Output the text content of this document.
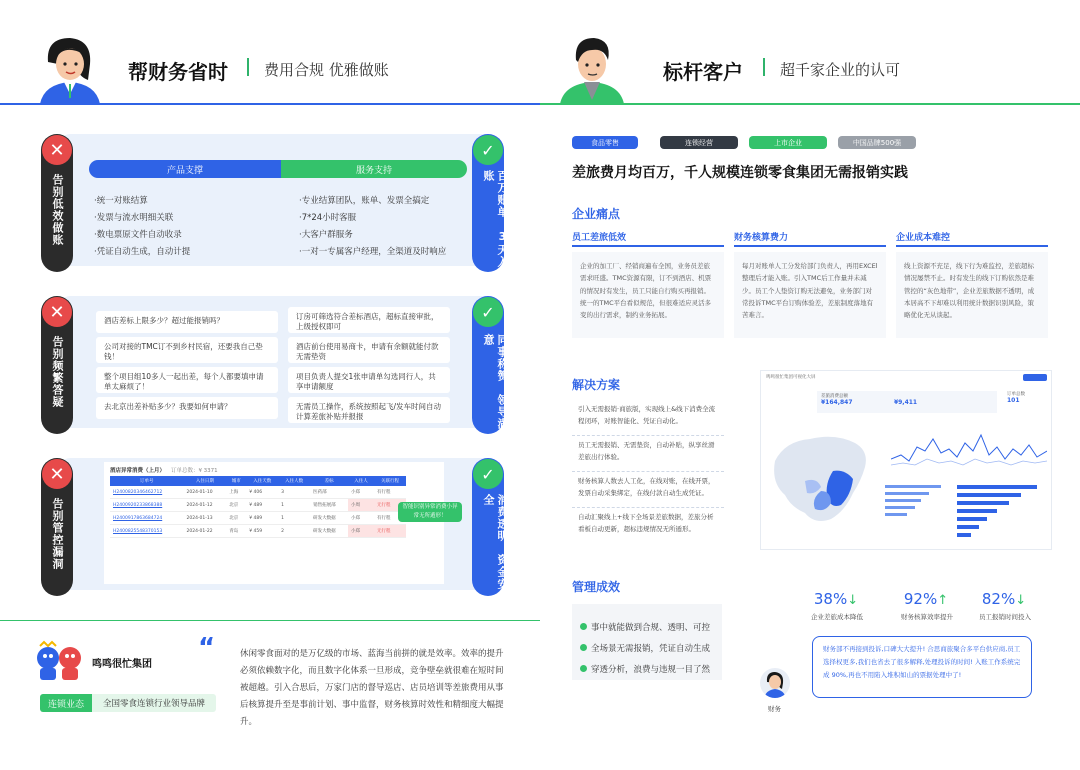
帮财务省时 费用合规 优雅做账	标杆客户 超千家企业的认可
✕
告别低效做账
✓
百万账单，3天入账
产品支撑	服务支持
·统一对账结算
·发票与流水明细关联
·数电票原文件自动收录
·凭证自动生成，自动计提
·专业结算团队，账单、发票全搞定
·7*24小时客服
·大客户群服务
·一对一专属客户经理，全渠道及时响应
✕
告别频繁答疑
✓
同事称赞，领导满意
酒店差标上限多少？超过能报销吗？
公司对接的TMC订不到乡村民宿，还要我自己垫钱！
整个项目组10多人一起出差，每个人都要填申请单太麻烦了！
去北京出差补贴多少？我要如何申请？
订房可筛选符合差标酒店，超标直接审批，上级授权即可
酒店前台使用易商卡，申请有余额就能付款无需垫资
项目负责人提交1张申请单勾选同行人，共享申请额度
无需员工操作，系统按照起飞/发车时间自动计算差旅补贴并报报
✕
告别管控漏洞
✓
消费透明，资金安全
酒店异常消费（上月） 订单总数：¥ 3371
订单号	入住日期	城市	入住天数	入住人数	差标	入住人	关联行程
H2400820346462712	2024-01-10	上海	¥ 406	3	医药部	小郑	有行程
H2400920233868388	2024-01-12	北京	¥ 489	1	销售拓展部	小周	无行程
H2400917863684724	2024-01-13	北京	¥ 489	1	研发大数据	小郑	有行程
H2400825548370153	2024-01-22	青岛	¥ 459	2	研发大数据	小郑	无行程
智能识别异常消费小异常无所遁形！
鸣鸣很忙集团
“
连锁业态	全国零食连锁行业领导品牌
休闲零食面对的是万亿级的市场、蓝海当前拼的就是效率。效率的提升必须依赖数字化，而且数字化体系一旦形成，竞争壁垒就很难在短时间被超越。引入合思后，万家门店的督导巡店、店员培训等差旅费用从事后核算提升至是事前计划、事中监督，财务核算时效性和精细度大幅提升。
食品零售	连锁经营	上市企业	中国品牌500强
差旅费月均百万，千人规模连锁零食集团无需报销实践
企业痛点
员工差旅低效	财务核算费力	企业成本难控
企业的加工厂、经销商遍布全国，业务员差旅需求旺盛。TMC资源有限，订不到酒店、机票的情况时有发生，员工只能自行购买再报销。统一的TMC平台看似规范，但很难适应灵活多变的出行需求，制约业务拓展。
每月对账单人工分发给部门负责人，再用EXCEl整理后才能入账。引入TMC后工作量并未减少。员工个人垫资订购无法避免，业务部门对常投诉TMC平台订购体验差，差旅制度落地有苦难言。
线上资源不充足，线下行为难监控，差旅超标情况屡禁不止。时有发生的线下订购依然是难管控的“灰色地带”，企业差旅数据不透明，成本居高不下却难以利用统计数据识别风险，策略优化无从谈起。
解决方案
引入无需报销·商旅版，实现线上&线下消费全流程闭环，对账智能化、凭证自动化。
员工无需报销、无需垫资，自动补贴，纵享丝滑差旅出行体验。
财务核算人数去人工化，在线对账，在线开票，发票自动采集绑定，在线付款自动生成凭证。
自动汇聚线上+线下全场景差旅数据，差旅分析看板自动更新，超标违规情况无所遁形。
鸣鸣很忙集团可视化大屏
差旅消费总额
¥164,847	¥9,411
订单总数
101
管理成效
事中就能做到合规、透明、可控
全场景无需报销，凭证自动生成
穿透分析，浪费与违规一目了然
38%↓
企业差旅成本降低
92%↑
财务核算效率提升
82%↓
员工报销时间投入
财务部不再接到投诉,口碑大大提升! 合思商旅聚合多平台供应商,员工选择权更多,我们也省去了很多解释,处理投诉的时间! 入账工作系统完成 90%,再也不用陷入堆积如山的票据处理中了!
财务
